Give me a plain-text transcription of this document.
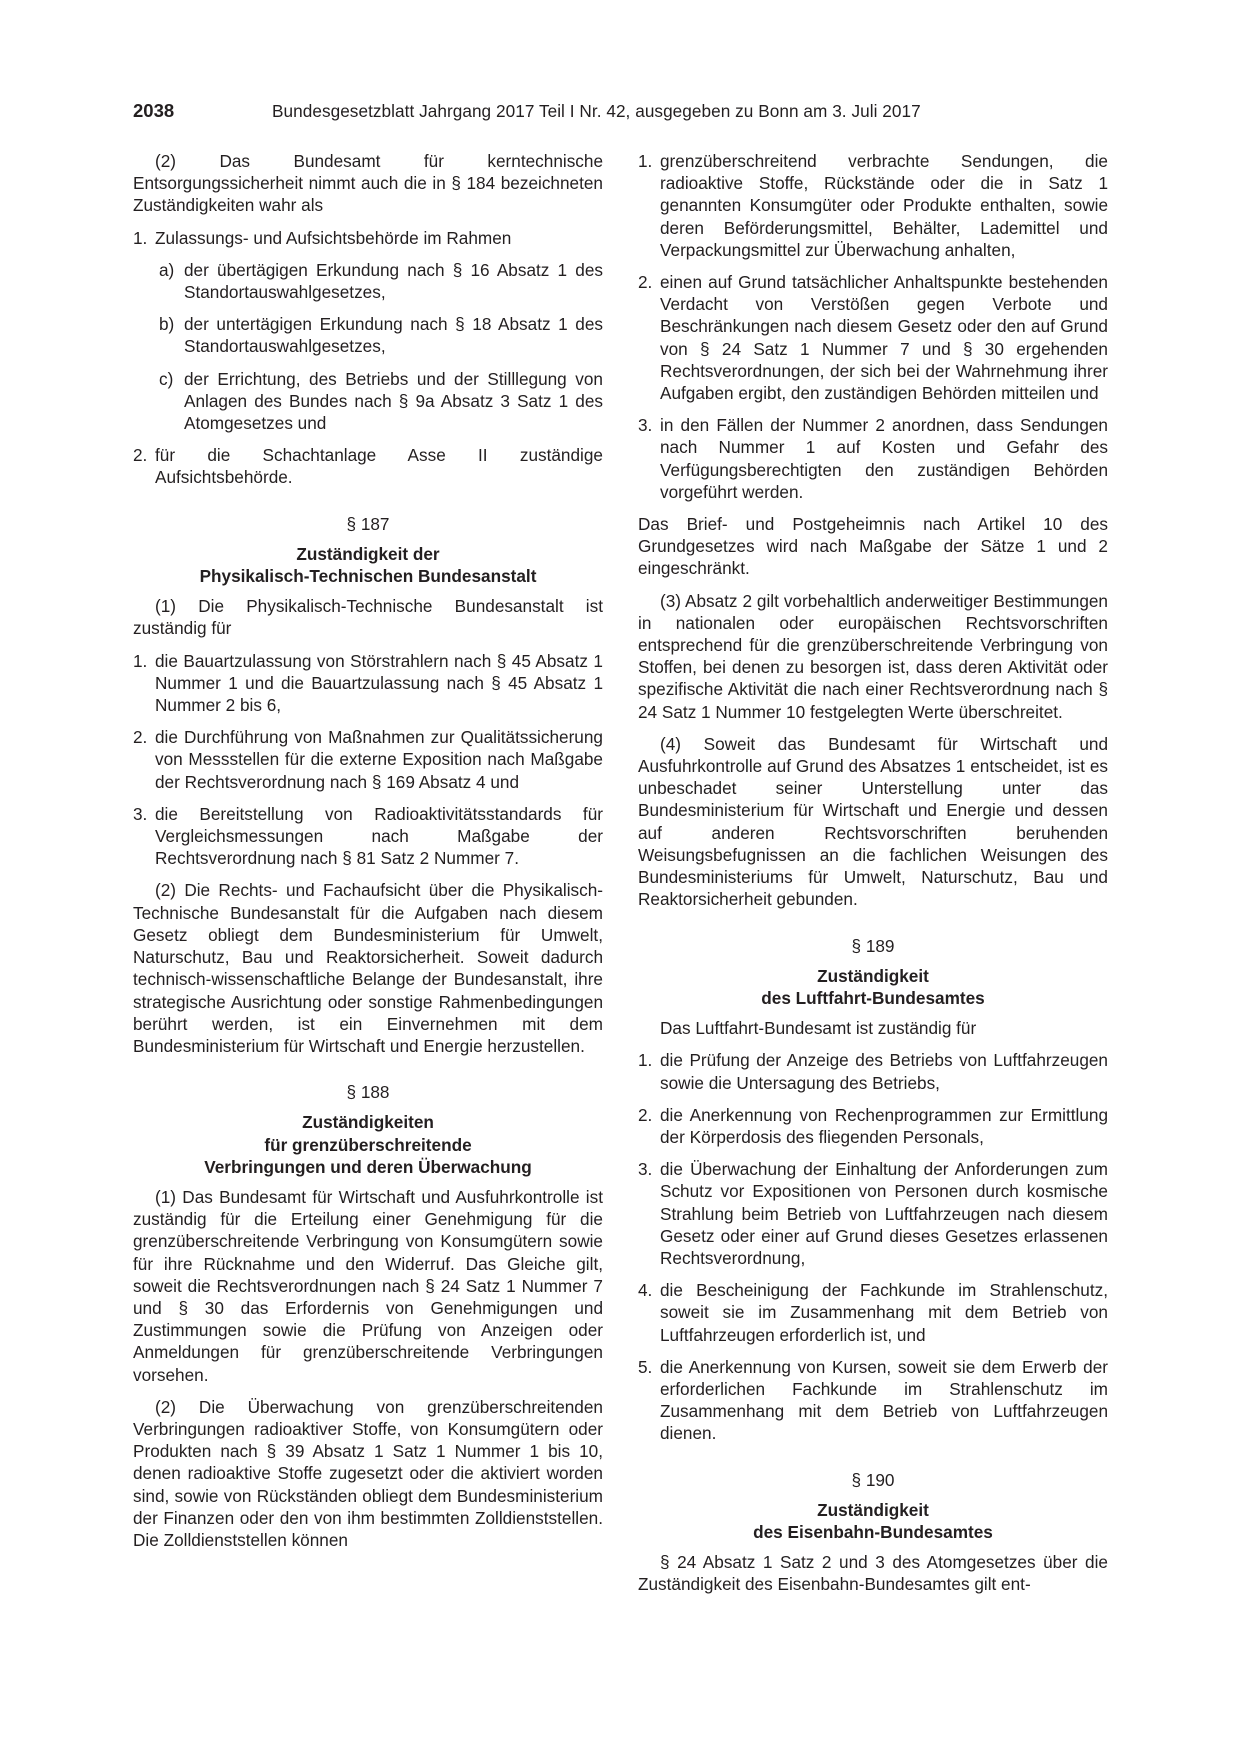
2038	Bundesgesetzblatt Jahrgang 2017 Teil I Nr. 42, ausgegeben zu Bonn am 3. Juli 2017

(2) Das Bundesamt für kerntechnische Entsorgungssicherheit nimmt auch die in § 184 bezeichneten Zuständigkeiten wahr als

1. Zulassungs- und Aufsichtsbehörde im Rahmen

a) der übertägigen Erkundung nach § 16 Absatz 1 des Standortauswahlgesetzes,

b) der untertägigen Erkundung nach § 18 Absatz 1 des Standortauswahlgesetzes,

c) der Errichtung, des Betriebs und der Stilllegung von Anlagen des Bundes nach § 9a Absatz 3 Satz 1 des Atomgesetzes und

2. für die Schachtanlage Asse II zuständige Aufsichtsbehörde.

§ 187
Zuständigkeit der
Physikalisch-Technischen Bundesanstalt

(1) Die Physikalisch-Technische Bundesanstalt ist zuständig für

1. die Bauartzulassung von Störstrahlern nach § 45 Absatz 1 Nummer 1 und die Bauartzulassung nach § 45 Absatz 1 Nummer 2 bis 6,

2. die Durchführung von Maßnahmen zur Qualitätssicherung von Messstellen für die externe Exposition nach Maßgabe der Rechtsverordnung nach § 169 Absatz 4 und

3. die Bereitstellung von Radioaktivitätsstandards für Vergleichsmessungen nach Maßgabe der Rechtsverordnung nach § 81 Satz 2 Nummer 7.

(2) Die Rechts- und Fachaufsicht über die Physikalisch-Technische Bundesanstalt für die Aufgaben nach diesem Gesetz obliegt dem Bundesministerium für Umwelt, Naturschutz, Bau und Reaktorsicherheit. Soweit dadurch technisch-wissenschaftliche Belange der Bundesanstalt, ihre strategische Ausrichtung oder sonstige Rahmenbedingungen berührt werden, ist ein Einvernehmen mit dem Bundesministerium für Wirtschaft und Energie herzustellen.

§ 188
Zuständigkeiten
für grenzüberschreitende
Verbringungen und deren Überwachung

(1) Das Bundesamt für Wirtschaft und Ausfuhrkontrolle ist zuständig für die Erteilung einer Genehmigung für die grenzüberschreitende Verbringung von Konsumgütern sowie für ihre Rücknahme und den Widerruf. Das Gleiche gilt, soweit die Rechtsverordnungen nach § 24 Satz 1 Nummer 7 und § 30 das Erfordernis von Genehmigungen und Zustimmungen sowie die Prüfung von Anzeigen oder Anmeldungen für grenzüberschreitende Verbringungen vorsehen.

(2) Die Überwachung von grenzüberschreitenden Verbringungen radioaktiver Stoffe, von Konsumgütern oder Produkten nach § 39 Absatz 1 Satz 1 Nummer 1 bis 10, denen radioaktive Stoffe zugesetzt oder die aktiviert worden sind, sowie von Rückständen obliegt dem Bundesministerium der Finanzen oder den von ihm bestimmten Zolldienststellen. Die Zolldienststellen können

1. grenzüberschreitend verbrachte Sendungen, die radioaktive Stoffe, Rückstände oder die in Satz 1 genannten Konsumgüter oder Produkte enthalten, sowie deren Beförderungsmittel, Behälter, Lademittel und Verpackungsmittel zur Überwachung anhalten,

2. einen auf Grund tatsächlicher Anhaltspunkte bestehenden Verdacht von Verstößen gegen Verbote und Beschränkungen nach diesem Gesetz oder den auf Grund von § 24 Satz 1 Nummer 7 und § 30 ergehenden Rechtsverordnungen, der sich bei der Wahrnehmung ihrer Aufgaben ergibt, den zuständigen Behörden mitteilen und

3. in den Fällen der Nummer 2 anordnen, dass Sendungen nach Nummer 1 auf Kosten und Gefahr des Verfügungsberechtigten den zuständigen Behörden vorgeführt werden.

Das Brief- und Postgeheimnis nach Artikel 10 des Grundgesetzes wird nach Maßgabe der Sätze 1 und 2 eingeschränkt.

(3) Absatz 2 gilt vorbehaltlich anderweitiger Bestimmungen in nationalen oder europäischen Rechtsvorschriften entsprechend für die grenzüberschreitende Verbringung von Stoffen, bei denen zu besorgen ist, dass deren Aktivität oder spezifische Aktivität die nach einer Rechtsverordnung nach § 24 Satz 1 Nummer 10 festgelegten Werte überschreitet.

(4) Soweit das Bundesamt für Wirtschaft und Ausfuhrkontrolle auf Grund des Absatzes 1 entscheidet, ist es unbeschadet seiner Unterstellung unter das Bundesministerium für Wirtschaft und Energie und dessen auf anderen Rechtsvorschriften beruhenden Weisungsbefugnissen an die fachlichen Weisungen des Bundesministeriums für Umwelt, Naturschutz, Bau und Reaktorsicherheit gebunden.

§ 189
Zuständigkeit
des Luftfahrt-Bundesamtes

Das Luftfahrt-Bundesamt ist zuständig für

1. die Prüfung der Anzeige des Betriebs von Luftfahrzeugen sowie die Untersagung des Betriebs,

2. die Anerkennung von Rechenprogrammen zur Ermittlung der Körperdosis des fliegenden Personals,

3. die Überwachung der Einhaltung der Anforderungen zum Schutz vor Expositionen von Personen durch kosmische Strahlung beim Betrieb von Luftfahrzeugen nach diesem Gesetz oder einer auf Grund dieses Gesetzes erlassenen Rechtsverordnung,

4. die Bescheinigung der Fachkunde im Strahlenschutz, soweit sie im Zusammenhang mit dem Betrieb von Luftfahrzeugen erforderlich ist, und

5. die Anerkennung von Kursen, soweit sie dem Erwerb der erforderlichen Fachkunde im Strahlenschutz im Zusammenhang mit dem Betrieb von Luftfahrzeugen dienen.

§ 190
Zuständigkeit
des Eisenbahn-Bundesamtes

§ 24 Absatz 1 Satz 2 und 3 des Atomgesetzes über die Zuständigkeit des Eisenbahn-Bundesamtes gilt ent-
